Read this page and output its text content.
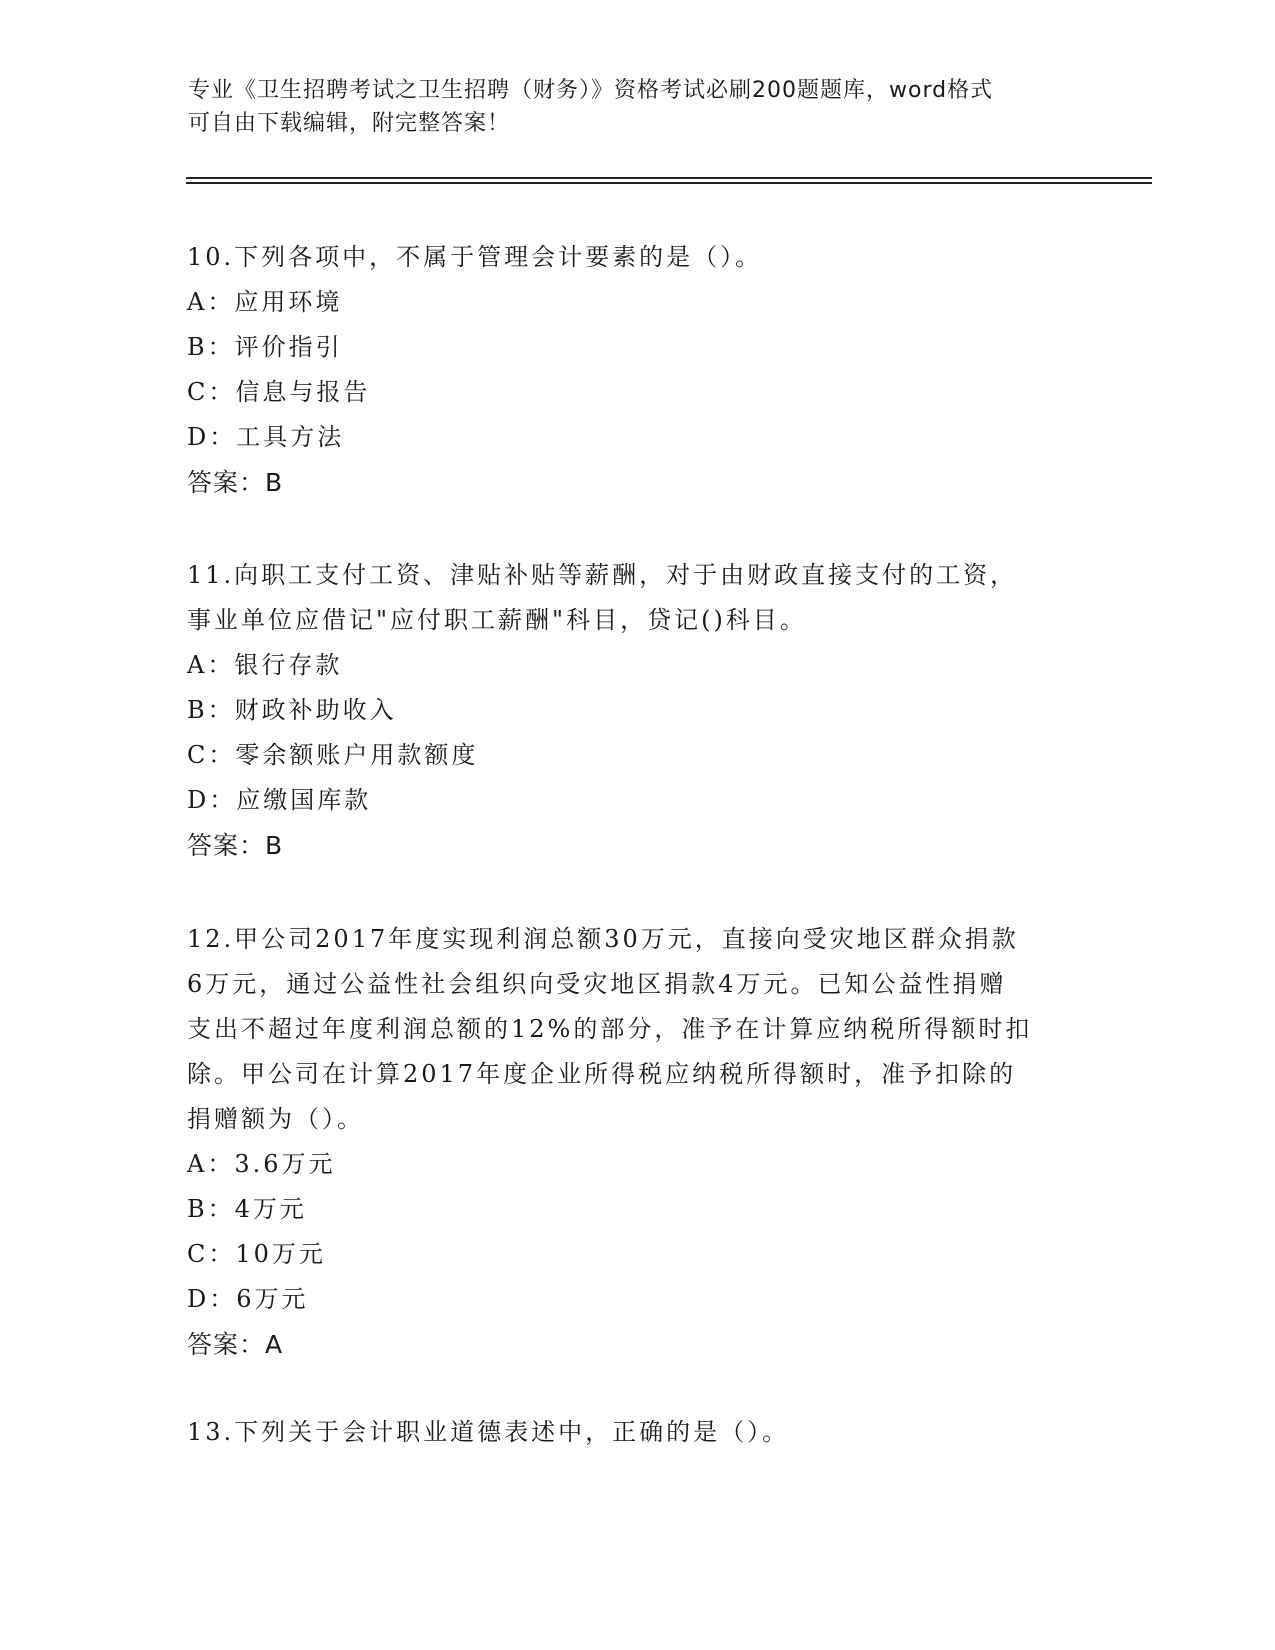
专业《卫生招聘考试之卫生招聘（财务）》资格考试必刷200题题库，word格式
可自由下载编辑，附完整答案！
10.下列各项中，不属于管理会计要素的是（）。
A：应用环境
B：评价指引
C：信息与报告
D：工具方法
答案：B
11.向职工支付工资、津贴补贴等薪酬，对于由财政直接支付的工资，
事业单位应借记"应付职工薪酬"科目，贷记()科目。
A：银行存款
B：财政补助收入
C：零余额账户用款额度
D：应缴国库款
答案：B
12.甲公司2017年度实现利润总额30万元，直接向受灾地区群众捐款
6万元，通过公益性社会组织向受灾地区捐款4万元。已知公益性捐赠
支出不超过年度利润总额的12%的部分，准予在计算应纳税所得额时扣
除。甲公司在计算2017年度企业所得税应纳税所得额时，准予扣除的
捐赠额为（）。
A：3.6万元
B：4万元
C：10万元
D：6万元
答案：A
13.下列关于会计职业道德表述中，正确的是（）。
